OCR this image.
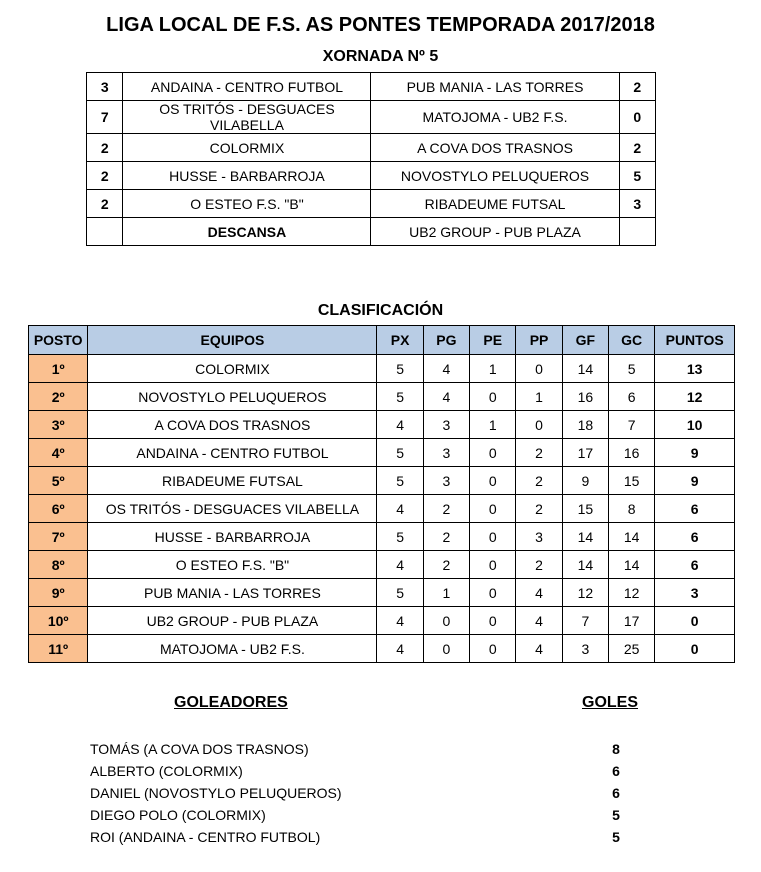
LIGA LOCAL DE F.S. AS PONTES TEMPORADA 2017/2018
XORNADA Nº 5
3	ANDAINA - CENTRO FUTBOL	PUB MANIA - LAS TORRES	2
7	OS TRITÓS - DESGUACES VILABELLA	MATOJOMA - UB2 F.S.	0
2	COLORMIX	A COVA DOS TRASNOS	2
2	HUSSE - BARBARROJA	NOVOSTYLO PELUQUEROS	5
2	O ESTEO F.S. "B"	RIBADEUME FUTSAL	3
	DESCANSA	UB2 GROUP - PUB PLAZA	
CLASIFICACIÓN
POSTO	EQUIPOS	PX	PG	PE	PP	GF	GC	PUNTOS
1º	COLORMIX	5	4	1	0	14	5	13
2º	NOVOSTYLO PELUQUEROS	5	4	0	1	16	6	12
3º	A COVA DOS TRASNOS	4	3	1	0	18	7	10
4º	ANDAINA - CENTRO FUTBOL	5	3	0	2	17	16	9
5º	RIBADEUME FUTSAL	5	3	0	2	9	15	9
6º	OS TRITÓS - DESGUACES VILABELLA	4	2	0	2	15	8	6
7º	HUSSE - BARBARROJA	5	2	0	3	14	14	6
8º	O ESTEO F.S. "B"	4	2	0	2	14	14	6
9º	PUB MANIA - LAS TORRES	5	1	0	4	12	12	3
10º	UB2 GROUP - PUB PLAZA	4	0	0	4	7	17	0
11º	MATOJOMA - UB2 F.S.	4	0	0	4	3	25	0
GOLEADORES	GOLES
TOMÁS (A COVA DOS TRASNOS)	8
ALBERTO (COLORMIX)	6
DANIEL (NOVOSTYLO PELUQUEROS)	6
DIEGO POLO (COLORMIX)	5
ROI (ANDAINA - CENTRO FUTBOL)	5
